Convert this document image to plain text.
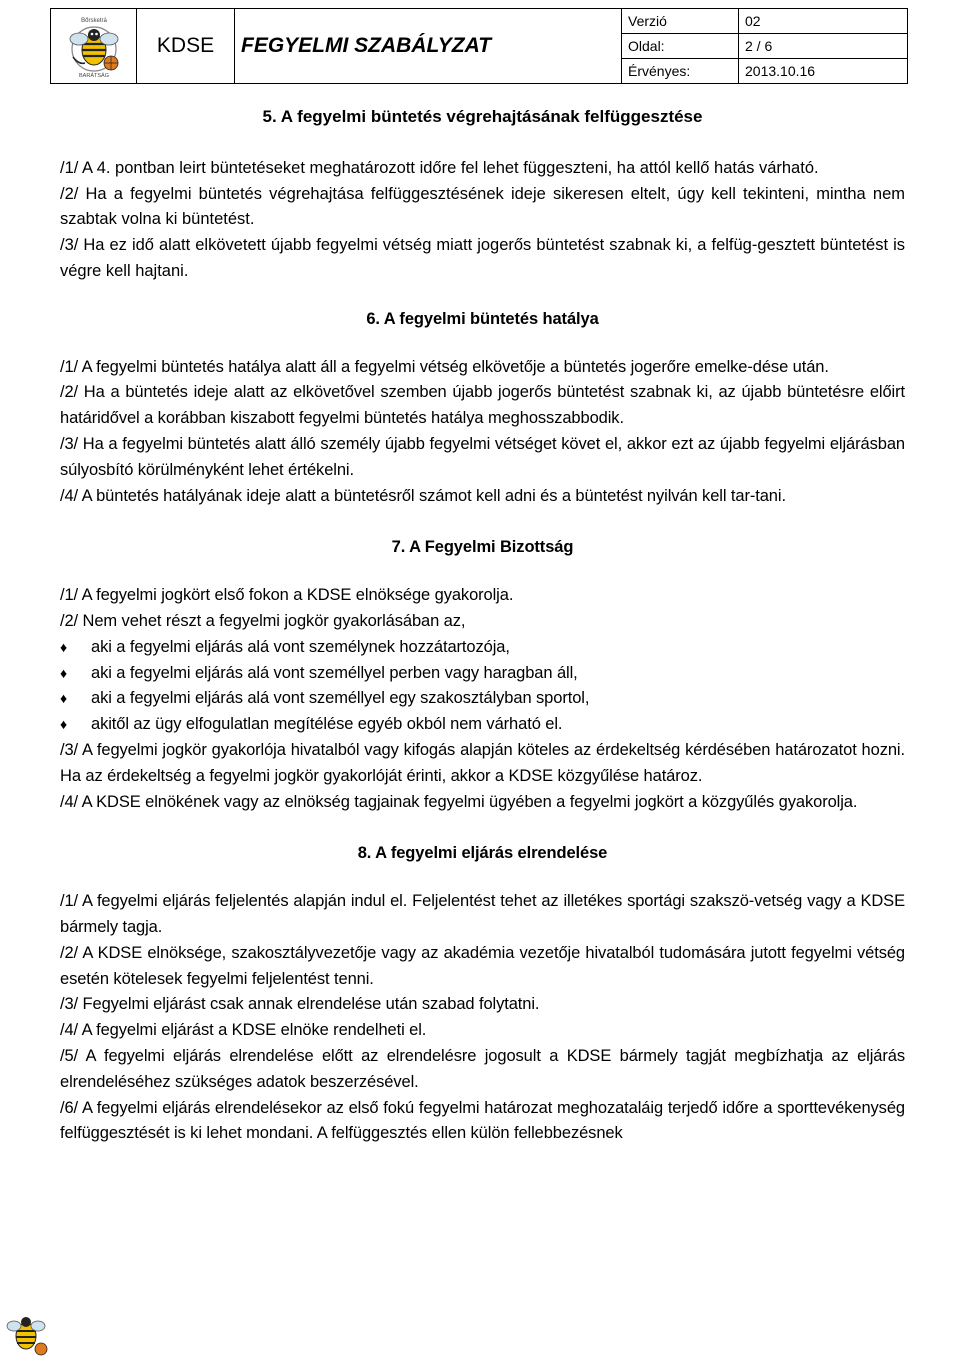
Bőrsketrá
BARÁTSÁG
	KDSE	FEGYELMI SZABÁLYZAT	
Verzió	02
Oldal:	2 / 6
Érvényes:	2013.10.16
5. A fegyelmi büntetés végrehajtásának felfüggesztése

/1/ A 4. pontban leirt büntetéseket meghatározott időre fel lehet függeszteni, ha attól kellő hatás várható.

/2/ Ha a fegyelmi büntetés végrehajtása felfüggesztésének ideje sikeresen eltelt, úgy kell tekinteni, mintha nem szabtak volna ki büntetést.

/3/ Ha ez idő alatt elkövetett újabb fegyelmi vétség miatt jogerős büntetést szabnak ki, a felfüg-gesztett büntetést is végre kell hajtani.

6. A fegyelmi büntetés hatálya

/1/ A fegyelmi büntetés hatálya alatt áll a fegyelmi vétség elkövetője a büntetés jogerőre emelke-dése után.

/2/ Ha a büntetés ideje alatt az elkövetővel szemben újabb jogerős büntetést szabnak ki, az újabb büntetésre előirt határidővel a korábban kiszabott fegyelmi büntetés hatálya meghosszabbodik.

/3/ Ha a fegyelmi büntetés alatt álló személy újabb fegyelmi vétséget követ el, akkor ezt az újabb fegyelmi eljárásban súlyosbító körülményként lehet értékelni.

/4/ A büntetés hatályának ideje alatt a büntetésről számot kell adni és a büntetést nyilván kell tar-tani.

7. A Fegyelmi Bizottság

/1/ A fegyelmi jogkört első fokon a KDSE elnöksége gyakorolja.

/2/ Nem vehet részt a fegyelmi jogkör gyakorlásában az,

♦ aki a fegyelmi eljárás alá vont személynek hozzátartozója,
♦ aki a fegyelmi eljárás alá vont személlyel perben vagy haragban áll,
♦ aki a fegyelmi eljárás alá vont személlyel egy szakosztályban sportol,
♦ akitől az ügy elfogulatlan megítélése egyéb okból nem várható el.

/3/ A fegyelmi jogkör gyakorlója hivatalból vagy kifogás alapján köteles az érdekeltség kérdésében határozatot hozni. Ha az érdekeltség a fegyelmi jogkör gyakorlóját érinti, akkor a KDSE közgyűlése határoz.

/4/ A KDSE elnökének vagy az elnökség tagjainak fegyelmi ügyében a fegyelmi jogkört a közgyűlés gyakorolja.

8. A fegyelmi eljárás elrendelése

/1/ A fegyelmi eljárás feljelentés alapján indul el. Feljelentést tehet az illetékes sportági szakszö-vetség vagy a KDSE bármely tagja.

/2/ A KDSE elnöksége, szakosztályvezetője vagy az akadémia vezetője hivatalból tudomására jutott fegyelmi vétség esetén kötelesek fegyelmi feljelentést tenni.

/3/ Fegyelmi eljárást csak annak elrendelése után szabad folytatni.

/4/ A fegyelmi eljárást a KDSE elnöke rendelheti el.

/5/ A fegyelmi eljárás elrendelése előtt az elrendelésre jogosult a KDSE bármely tagját megbízhatja az eljárás elrendeléséhez szükséges adatok beszerzésével.

/6/ A fegyelmi eljárás elrendelésekor az első fokú fegyelmi határozat meghozataláig terjedő időre a sporttevékenység felfüggesztését is ki lehet mondani. A felfüggesztés ellen külön fellebbezésnek
